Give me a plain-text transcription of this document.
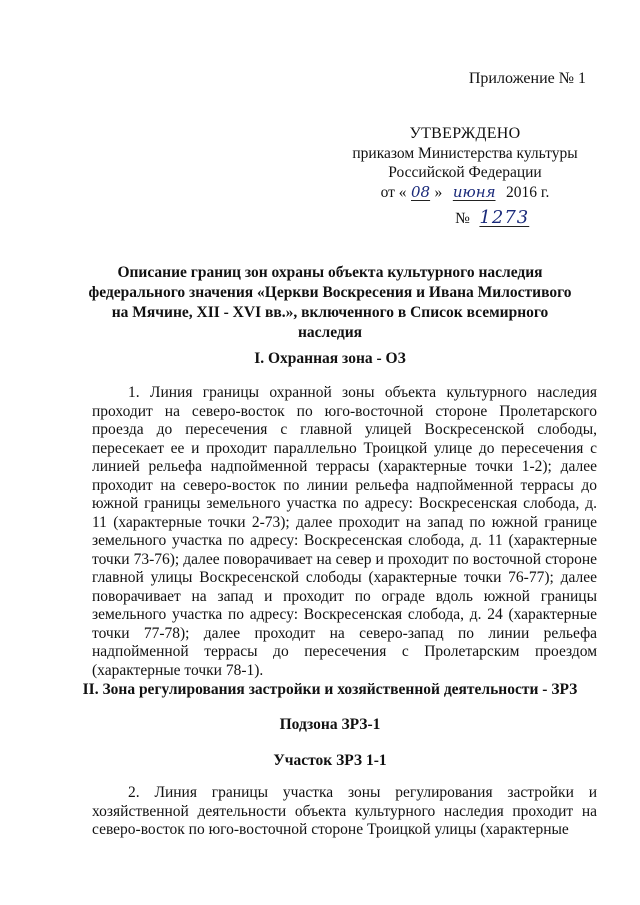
Приложение № 1
УТВЕРЖДЕНО
приказом Министерства культуры
Российской Федерации
от « 08 » июня 2016 г.
№ 1273
Описание границ зон охраны объекта культурного наследия федерального значения «Церкви Воскресения и Ивана Милостивого на Мячине, XII - XVI вв.», включенного в Список всемирного наследия
I. Охранная зона - ОЗ
1. Линия границы охранной зоны объекта культурного наследия проходит на северо-восток по юго-восточной стороне Пролетарского проезда до пересечения с главной улицей Воскресенской слободы, пересекает ее и проходит параллельно Троицкой улице до пересечения с линией рельефа надпойменной террасы (характерные точки 1-2); далее проходит на северо-восток по линии рельефа надпойменной террасы до южной границы земельного участка по адресу: Воскресенская слобода, д. 11 (характерные точки 2-73); далее проходит на запад по южной границе земельного участка по адресу: Воскресенская слобода, д. 11 (характерные точки 73-76); далее поворачивает на север и проходит по восточной стороне главной улицы Воскресенской слободы (характерные точки 76-77); далее поворачивает на запад и проходит по ограде вдоль южной границы земельного участка по адресу: Воскресенская слобода, д. 24 (характерные точки 77-78); далее проходит на северо-запад по линии рельефа надпойменной террасы до пересечения с Пролетарским проездом (характерные точки 78-1).
II. Зона регулирования застройки и хозяйственной деятельности - ЗРЗ
Подзона ЗРЗ-1
Участок ЗРЗ 1-1
2. Линия границы участка зоны регулирования застройки и хозяйственной деятельности объекта культурного наследия проходит на северо-восток по юго-восточной стороне Троицкой улицы (характерные
